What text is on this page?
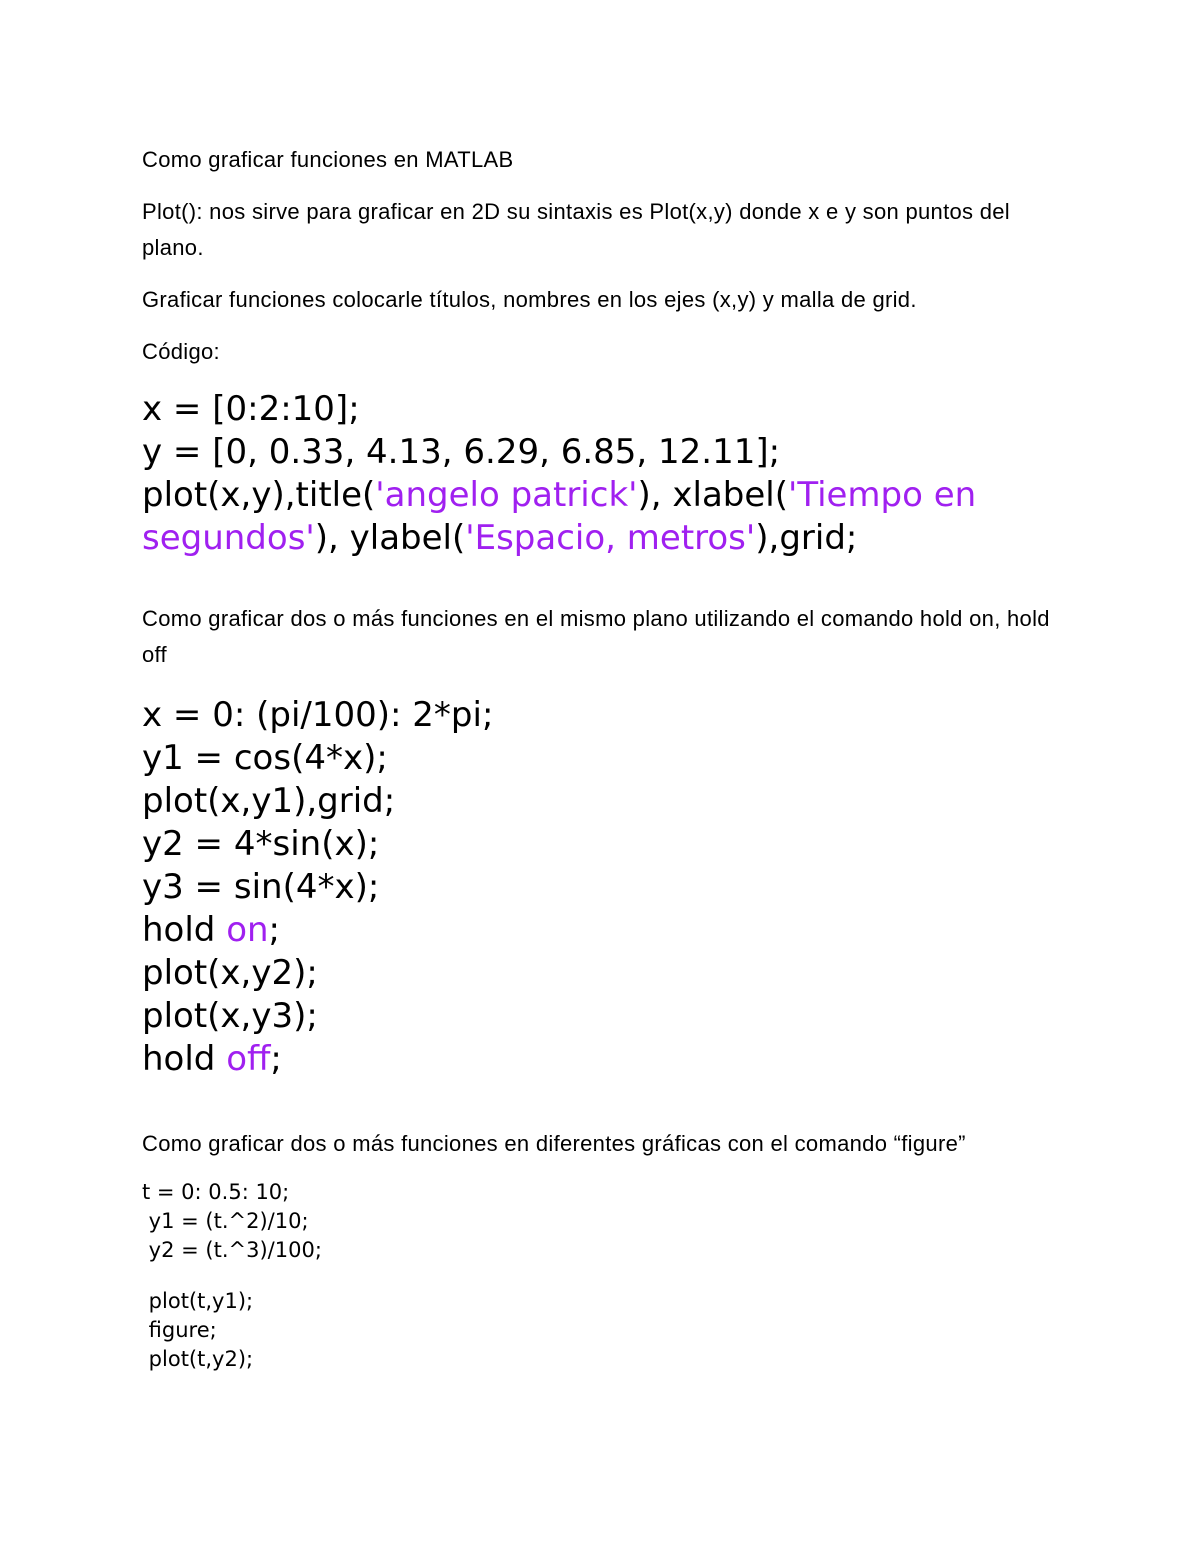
Como graficar funciones en MATLAB

Plot(): nos sirve para graficar en 2D su sintaxis es Plot(x,y) donde x e y son puntos del plano.

Graficar funciones colocarle títulos, nombres en los ejes (x,y) y malla de grid.

Código:

x = [0:2:10];
y = [0, 0.33, 4.13, 6.29, 6.85, 12.11];
plot(x,y),title('angelo patrick'), xlabel('Tiempo en
segundos'), ylabel('Espacio, metros'),grid;

Como graficar dos o más funciones en el mismo plano utilizando el comando hold on, hold off

x = 0: (pi/100): 2*pi;
y1 = cos(4*x);
plot(x,y1),grid;
y2 = 4*sin(x);
y3 = sin(4*x);
hold on;
plot(x,y2);
plot(x,y3);
hold off;

Como graficar dos o más funciones en diferentes gráficas con el comando “figure”

t = 0: 0.5: 10;
y1 = (t.^2)/10;
y2 = (t.^3)/100;
plot(t,y1);
figure;
plot(t,y2);
